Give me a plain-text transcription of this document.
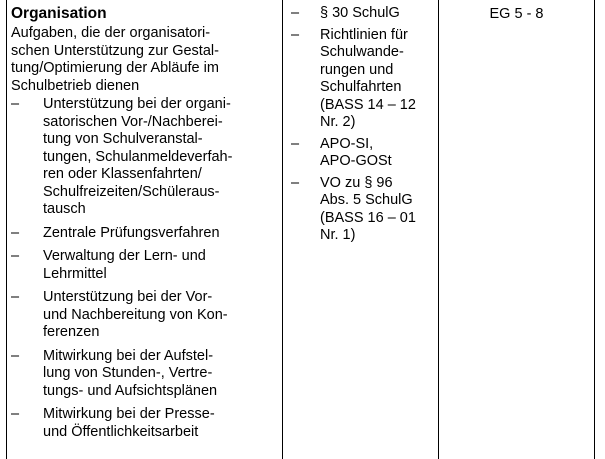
Organisation
Aufgaben, die der organisatori-
schen Unterstützung zur Gestal-
tung/Optimierung der Abläufe im
Schulbetrieb dienen
– Unterstützung bei der organi-
satorischen Vor-/Nachberei-
tung von Schulveranstal-
tungen, Schulanmeldeverfah-
ren oder Klassenfahrten/
Schulfreizeiten/Schüleraus-
tausch
– Zentrale Prüfungsverfahren
– Verwaltung der Lern- und
Lehrmittel
– Unterstützung bei der Vor-
und Nachbereitung von Kon-
ferenzen
– Mitwirkung bei der Aufstel-
lung von Stunden-, Vertre-
tungs- und Aufsichtsplänen
– Mitwirkung bei der Presse-
und Öffentlichkeitsarbeit

– § 30 SchulG
– Richtlinien für
Schulwande-
rungen und
Schulfahrten
(BASS 14 – 12
Nr. 2)
– APO-SI,
APO-GOSt
– VO zu § 96
Abs. 5 SchulG
(BASS 16 – 01
Nr. 1)

EG 5 - 8
